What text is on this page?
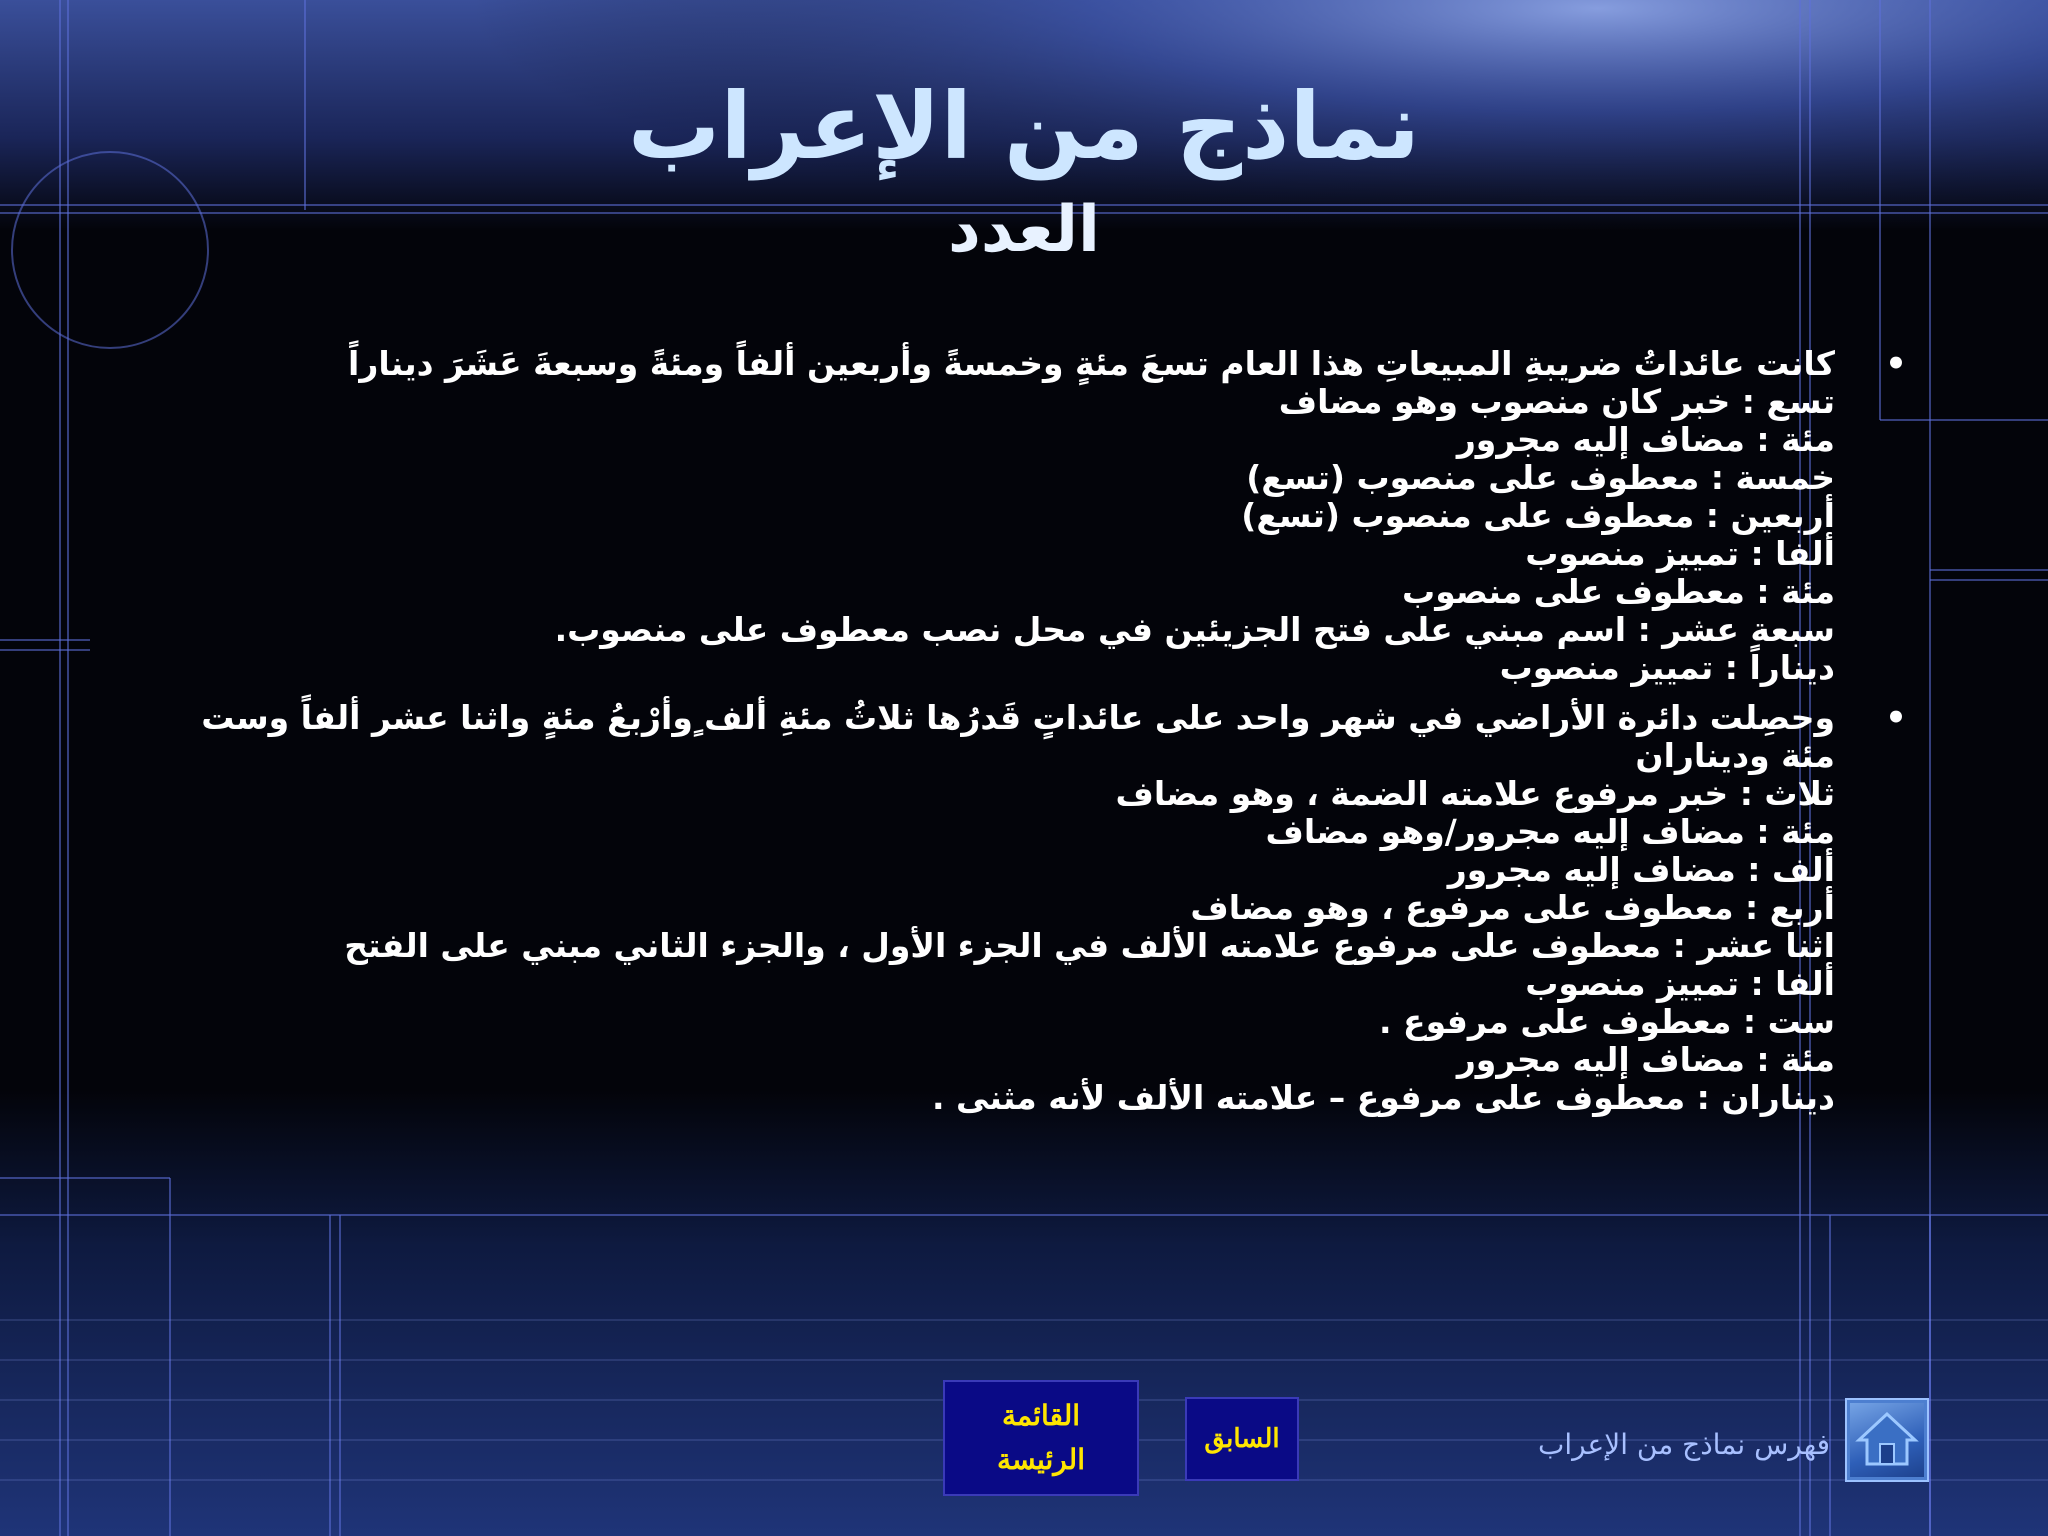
نماذج من الإعراب
العدد
•
كانت عائداتُ ضريبةِ المبيعاتِ هذا العام تسعَ مئةٍ وخمسةً وأربعين ألفاً ومئةً وسبعةَ عَشَرَ ديناراً
تسع : خبر كان منصوب وهو مضاف
مئة : مضاف إليه مجرور
خمسة : معطوف على منصوب (تسع)
أربعين : معطوف على منصوب (تسع)
ألفا : تمييز منصوب
مئة : معطوف على منصوب
سبعة عشر : اسم مبني على فتح الجزيئين في محل نصب معطوف على منصوب.
ديناراً : تمييز منصوب
•
وحصِلت دائرة الأراضي في شهر واحد على عائداتٍ قَدرُها ثلاثُ مئةِ ألف ٍوأرْبعُ مئةٍ واثنا عشر ألفاً وست مئة وديناران
ثلاث : خبر مرفوع علامته الضمة ، وهو مضاف
مئة : مضاف إليه مجرور/وهو مضاف
ألف : مضاف إليه مجرور
أربع : معطوف على مرفوع ، وهو مضاف
اثنا عشر : معطوف على مرفوع علامته الألف في الجزء الأول ، والجزء الثاني مبني على الفتح
ألفا : تمييز منصوب
ست : معطوف على مرفوع .
مئة : مضاف إليه مجرور
ديناران : معطوف على مرفوع – علامته الألف لأنه مثنى .
القائمة
الرئيسة
السابق	فهرس نماذج من الإعراب
